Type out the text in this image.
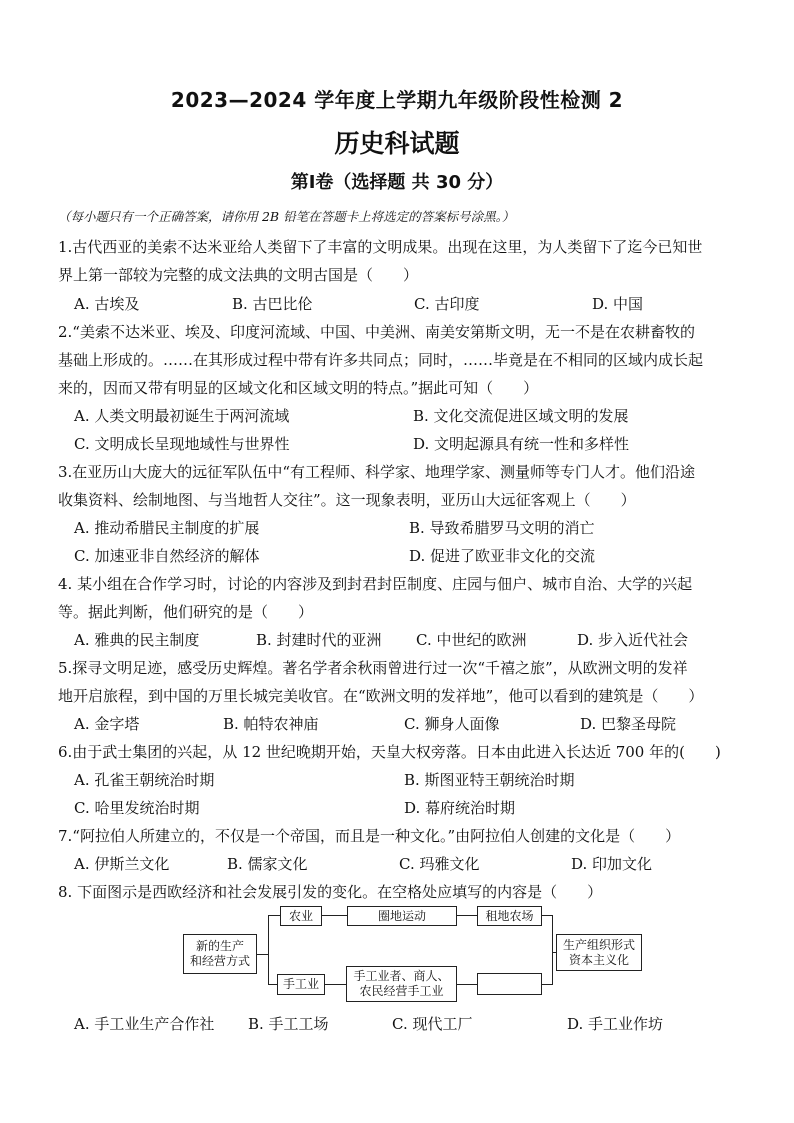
2023—2024 学年度上学期九年级阶段性检测 2
历史科试题
第Ⅰ卷（选择题 共 30 分）
（每小题只有一个正确答案，请你用 2B 铅笔在答题卡上将选定的答案标号涂黑。）
1.古代西亚的美索不达米亚给人类留下了丰富的文明成果。出现在这里，为人类留下了迄今已知世
界上第一部较为完整的成文法典的文明古国是（　　）
A. 古埃及	B. 古巴比伦	C. 古印度	D. 中国
2.“美索不达米亚、埃及、印度河流域、中国、中美洲、南美安第斯文明，无一不是在农耕畜牧的
基础上形成的。……在其形成过程中带有许多共同点；同时，……毕竟是在不相同的区域内成长起
来的，因而又带有明显的区域文化和区域文明的特点。”据此可知（　　）
A. 人类文明最初诞生于两河流域	B. 文化交流促进区域文明的发展
C. 文明成长呈现地域性与世界性	D. 文明起源具有统一性和多样性
3.在亚历山大庞大的远征军队伍中“有工程师、科学家、地理学家、测量师等专门人才。他们沿途
收集资料、绘制地图、与当地哲人交往”。这一现象表明，亚历山大远征客观上（　　）
A. 推动希腊民主制度的扩展	B. 导致希腊罗马文明的消亡
C. 加速亚非自然经济的解体	D. 促进了欧亚非文化的交流
4. 某小组在合作学习时，讨论的内容涉及到封君封臣制度、庄园与佃户、城市自治、大学的兴起
等。据此判断，他们研究的是（　　）
A. 雅典的民主制度	B. 封建时代的亚洲 C. 中世纪的欧洲	D. 步入近代社会
5.探寻文明足迹，感受历史辉煌。著名学者余秋雨曾进行过一次“千禧之旅”，从欧洲文明的发祥
地开启旅程，到中国的万里长城完美收官。在“欧洲文明的发祥地”，他可以看到的建筑是（　　）
A. 金字塔	B. 帕特农神庙	C. 狮身人面像	D. 巴黎圣母院
6.由于武士集团的兴起，从 12 世纪晚期开始，天皇大权旁落。日本由此进入长达近 700 年的(　　)
A. 孔雀王朝统治时期	B. 斯图亚特王朝统治时期
C. 哈里发统治时期	D. 幕府统治时期
7.“阿拉伯人所建立的，不仅是一个帝国，而且是一种文化。”由阿拉伯人创建的文化是（　　）
A. 伊斯兰文化	B. 儒家文化	C. 玛雅文化	D. 印加文化
8. 下面图示是西欧经济和社会发展引发的变化。在空格处应填写的内容是（　　）
新的生产
和经营方式
农业	圈地运动	租地农场
手工业
手工业者、商人、
农民经营手工业
生产组织形式
资本主义化
A. 手工业生产合作社 B. 手工工场	C. 现代工厂	D. 手工业作坊
